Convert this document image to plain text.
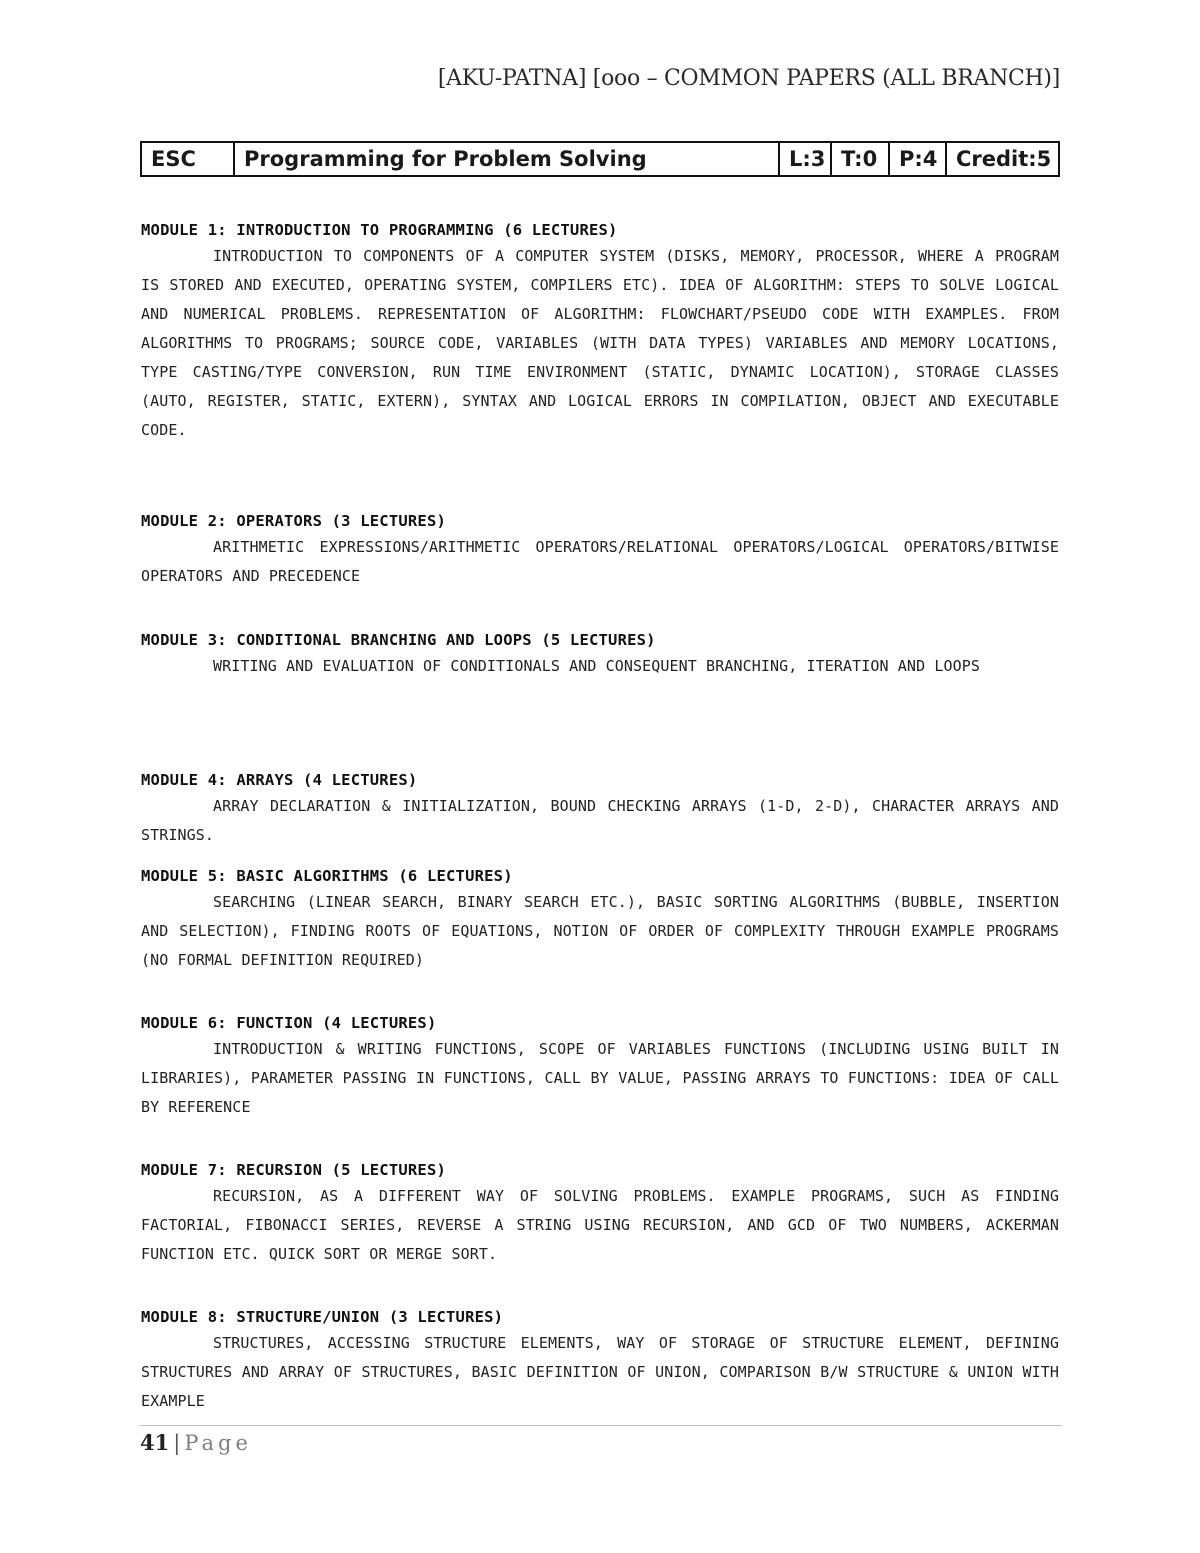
[AKU-PATNA] [ooo – COMMON PAPERS (ALL BRANCH)]
ESC	Programming for Problem Solving	L:3	T:0	P:4	Credit:5
MODULE 1: INTRODUCTION TO PROGRAMMING (6 LECTURES)

INTRODUCTION TO COMPONENTS OF A COMPUTER SYSTEM (DISKS, MEMORY, PROCESSOR, WHERE A PROGRAM IS STORED AND EXECUTED, OPERATING SYSTEM, COMPILERS ETC). IDEA OF ALGORITHM: STEPS TO SOLVE LOGICAL AND NUMERICAL PROBLEMS. REPRESENTATION OF ALGORITHM: FLOWCHART/PSEUDO CODE WITH EXAMPLES. FROM ALGORITHMS TO PROGRAMS; SOURCE CODE, VARIABLES (WITH DATA TYPES) VARIABLES AND MEMORY LOCATIONS, TYPE CASTING/TYPE CONVERSION, RUN TIME ENVIRONMENT (STATIC, DYNAMIC LOCATION), STORAGE CLASSES (AUTO, REGISTER, STATIC, EXTERN), SYNTAX AND LOGICAL ERRORS IN COMPILATION, OBJECT AND EXECUTABLE CODE.

MODULE 2: OPERATORS (3 LECTURES)

ARITHMETIC EXPRESSIONS/ARITHMETIC OPERATORS/RELATIONAL OPERATORS/LOGICAL OPERATORS/BITWISE OPERATORS AND PRECEDENCE

MODULE 3: CONDITIONAL BRANCHING AND LOOPS (5 LECTURES)

WRITING AND EVALUATION OF CONDITIONALS AND CONSEQUENT BRANCHING, ITERATION AND LOOPS

MODULE 4: ARRAYS (4 LECTURES)

ARRAY DECLARATION & INITIALIZATION, BOUND CHECKING ARRAYS (1-D, 2-D), CHARACTER ARRAYS AND STRINGS.

MODULE 5: BASIC ALGORITHMS (6 LECTURES)

SEARCHING (LINEAR SEARCH, BINARY SEARCH ETC.), BASIC SORTING ALGORITHMS (BUBBLE, INSERTION AND SELECTION), FINDING ROOTS OF EQUATIONS, NOTION OF ORDER OF COMPLEXITY THROUGH EXAMPLE PROGRAMS (NO FORMAL DEFINITION REQUIRED)

MODULE 6: FUNCTION (4 LECTURES)

INTRODUCTION & WRITING FUNCTIONS, SCOPE OF VARIABLES FUNCTIONS (INCLUDING USING BUILT IN LIBRARIES), PARAMETER PASSING IN FUNCTIONS, CALL BY VALUE, PASSING ARRAYS TO FUNCTIONS: IDEA OF CALL BY REFERENCE

MODULE 7: RECURSION (5 LECTURES)

RECURSION, AS A DIFFERENT WAY OF SOLVING PROBLEMS. EXAMPLE PROGRAMS, SUCH AS FINDING FACTORIAL, FIBONACCI SERIES, REVERSE A STRING USING RECURSION, AND GCD OF TWO NUMBERS, ACKERMAN FUNCTION ETC. QUICK SORT OR MERGE SORT.

MODULE 8: STRUCTURE/UNION (3 LECTURES)

STRUCTURES, ACCESSING STRUCTURE ELEMENTS, WAY OF STORAGE OF STRUCTURE ELEMENT, DEFINING STRUCTURES AND ARRAY OF STRUCTURES, BASIC DEFINITION OF UNION, COMPARISON B/W STRUCTURE & UNION WITH EXAMPLE

41 | Page
